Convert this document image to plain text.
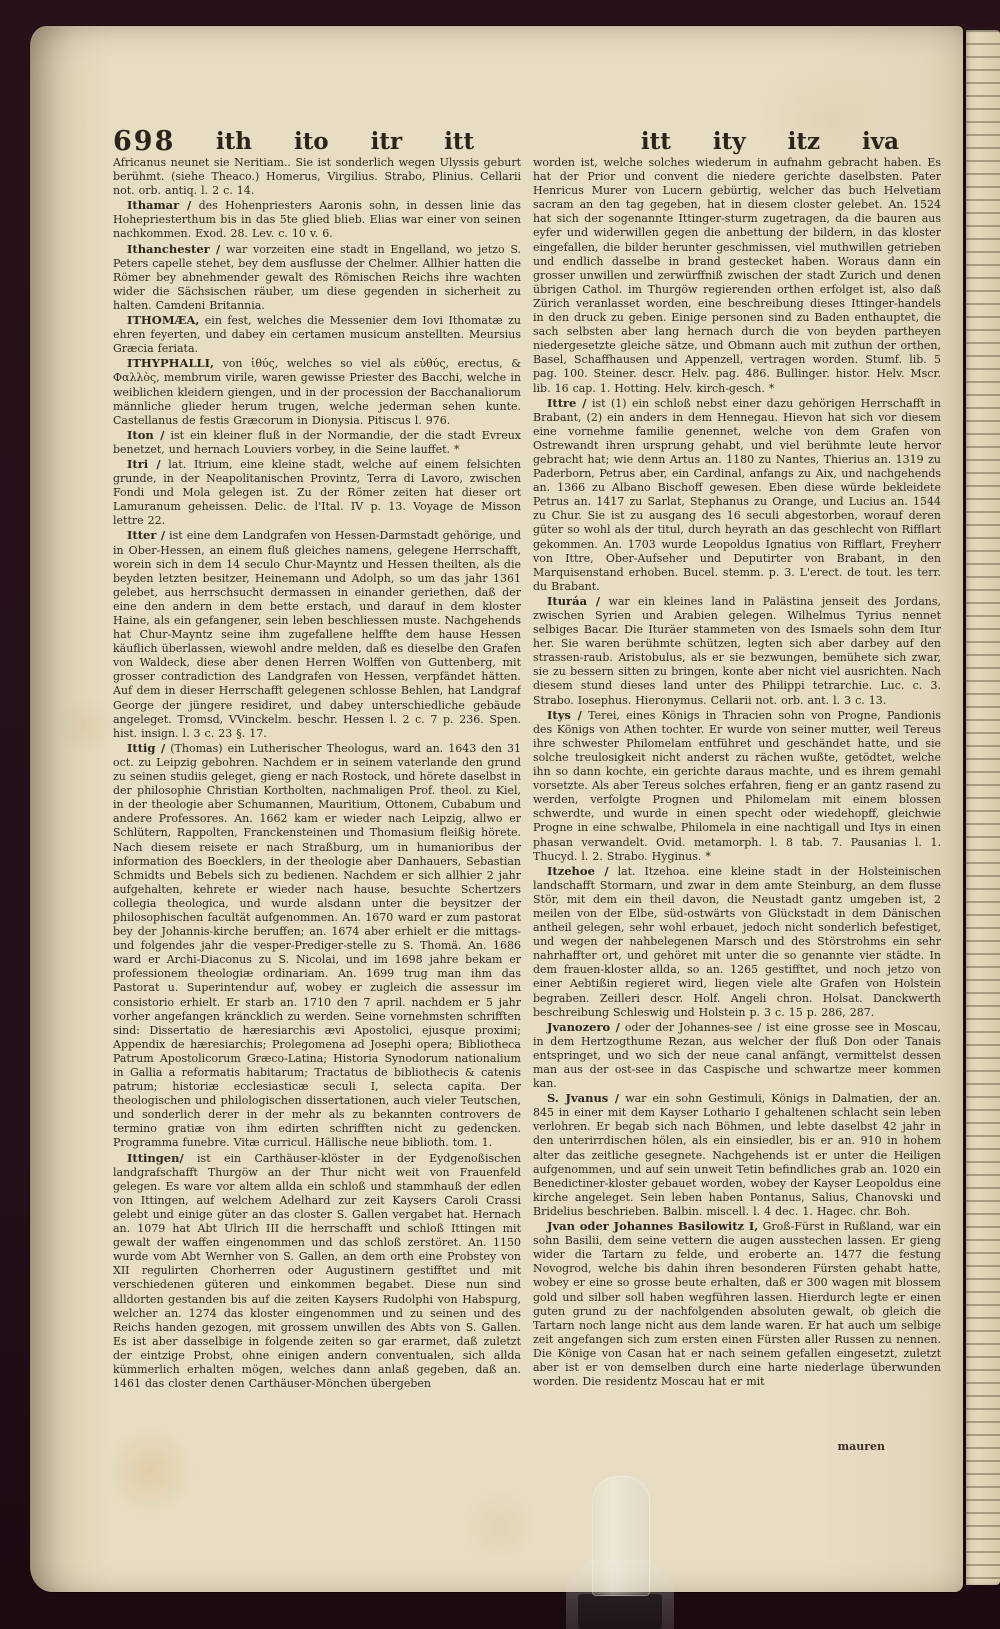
698	ith ito itr itt	itt ity itz iva

Africanus neunet sie Neritiam.. Sie ist sonderlich wegen Ulyssis geburt berühmt. (siehe Theaco.) Homerus, Virgilius. Strabo, Plinius. Cellarii not. orb. antiq. l. 2 c. 14.

Ithamar / des Hohenpriesters Aaronis sohn, in dessen linie das Hohepriesterthum bis in das 5te glied blieb. Elias war einer von seinen nachkommen. Exod. 28. Lev. c. 10 v. 6.

Ithanchester / war vorzeiten eine stadt in Engelland, wo jetzo S. Peters capelle stehet, bey dem ausflusse der Chelmer. Allhier hatten die Römer bey abnehmender gewalt des Römischen Reichs ihre wachten wider die Sächsischen räuber, um diese gegenden in sicherheit zu halten. Camdeni Britannia.

ITHOMÆA, ein fest, welches die Messenier dem Iovi Ithomatæ zu ehren feyerten, und dabey ein certamen musicum anstellten. Meursius Græcia feriata.

ITHYPHALLI, von ἰθύς, welches so viel als εὐθύς, erectus, & Φαλλὸς, membrum virile, waren gewisse Priester des Bacchi, welche in weiblichen kleidern giengen, und in der procession der Bacchanaliorum männliche glieder herum trugen, welche jederman sehen kunte. Castellanus de festis Græcorum in Dionysia. Pitiscus l. 976.

Iton / ist ein kleiner fluß in der Normandie, der die stadt Evreux benetzet, und hernach Louviers vorbey, in die Seine lauffet. *

Itri / lat. Itrium, eine kleine stadt, welche auf einem felsichten grunde, in der Neapolitanischen Provintz, Terra di Lavoro, zwischen Fondi und Mola gelegen ist. Zu der Römer zeiten hat dieser ort Lamuranum geheissen. Delic. de l'Ital. IV p. 13. Voyage de Misson lettre 22.

Itter / ist eine dem Landgrafen von Hessen-Darmstadt gehörige, und in Ober-Hessen, an einem fluß gleiches namens, gelegene Herrschafft, worein sich in dem 14 seculo Chur-Mayntz und Hessen theilten, als die beyden letzten besitzer, Heinemann und Adolph, so um das jahr 1361 gelebet, aus herrschsucht dermassen in einander geriethen, daß der eine den andern in dem bette erstach, und darauf in dem kloster Haine, als ein gefangener, sein leben beschliessen muste. Nachgehends hat Chur-Mayntz seine ihm zugefallene helffte dem hause Hessen käuflich überlassen, wiewohl andre melden, daß es dieselbe den Grafen von Waldeck, diese aber denen Herren Wolffen von Guttenberg, mit grosser contradiction des Landgrafen von Hessen, verpfändet hätten. Auf dem in dieser Herrschafft gelegenen schlosse Behlen, hat Landgraf George der jüngere residiret, und dabey unterschiedliche gebäude angeleget. Tromsd, VVinckelm. beschr. Hessen l. 2 c. 7 p. 236. Spen. hist. insign. l. 3 c. 23 §. 17.

Ittig / (Thomas) ein Lutherischer Theologus, ward an. 1643 den 31 oct. zu Leipzig gebohren. Nachdem er in seinem vaterlande den grund zu seinen studiis geleget, gieng er nach Rostock, und hörete daselbst in der philosophie Christian Kortholten, nachmaligen Prof. theol. zu Kiel, in der theologie aber Schumannen, Mauritium, Ottonem, Cubabum und andere Professores. An. 1662 kam er wieder nach Leipzig, allwo er Schlütern, Rappolten, Franckensteinen und Thomasium fleißig hörete. Nach diesem reisete er nach Straßburg, um in humanioribus der information des Boecklers, in der theologie aber Danhauers, Sebastian Schmidts und Bebels sich zu bedienen. Nachdem er sich allhier 2 jahr aufgehalten, kehrete er wieder nach hause, besuchte Schertzers collegia theologica, und wurde alsdann unter die beysitzer der philosophischen facultät aufgenommen. An. 1670 ward er zum pastorat bey der Johannis-kirche beruffen; an. 1674 aber erhielt er die mittags- und folgendes jahr die vesper-Prediger-stelle zu S. Thomä. An. 1686 ward er Archi-Diaconus zu S. Nicolai, und im 1698 jahre bekam er professionem theologiæ ordinariam. An. 1699 trug man ihm das Pastorat u. Superintendur auf, wobey er zugleich die assessur im consistorio erhielt. Er starb an. 1710 den 7 april. nachdem er 5 jahr vorher angefangen kräncklich zu werden. Seine vornehmsten schrifften sind: Dissertatio de hæresiarchis ævi Apostolici, ejusque proximi; Appendix de hæresiarchis; Prolegomena ad Josephi opera; Bibliotheca Patrum Apostolicorum Græco-Latina; Historia Synodorum nationalium in Gallia a reformatis habitarum; Tractatus de bibliothecis & catenis patrum; historiæ ecclesiasticæ seculi I, selecta capita. Der theologischen und philologischen dissertationen, auch vieler Teutschen, und sonderlich derer in der mehr als zu bekannten controvers de termino gratiæ von ihm edirten schrifften nicht zu gedencken. Programma funebre. Vitæ curricul. Hällische neue biblioth. tom. 1.

Ittingen/ ist ein Carthäuser-klöster in der Eydgenoßischen landgrafschafft Thurgöw an der Thur nicht weit von Frauenfeld gelegen. Es ware vor altem allda ein schloß und stammhauß der edlen von Ittingen, auf welchem Adelhard zur zeit Kaysers Caroli Crassi gelebt und einige güter an das closter S. Gallen vergabet hat. Hernach an. 1079 hat Abt Ulrich III die herrschafft und schloß Ittingen mit gewalt der waffen eingenommen und das schloß zerstöret. An. 1150 wurde vom Abt Wernher von S. Gallen, an dem orth eine Probstey von XII regulirten Chorherren oder Augustinern gestifftet und mit verschiedenen güteren und einkommen begabet. Diese nun sind alldorten gestanden bis auf die zeiten Kaysers Rudolphi von Habspurg, welcher an. 1274 das kloster eingenommen und zu seinen und des Reichs handen gezogen, mit grossem unwillen des Abts von S. Gallen. Es ist aber dasselbige in folgende zeiten so gar erarmet, daß zuletzt der eintzige Probst, ohne einigen andern conventualen, sich allda kümmerlich erhalten mögen, welches dann anlaß gegeben, daß an. 1461 das closter denen Carthäuser-Mönchen übergeben

worden ist, welche solches wiederum in aufnahm gebracht haben. Es hat der Prior und convent die niedere gerichte daselbsten. Pater Henricus Murer von Lucern gebürtig, welcher das buch Helvetiam sacram an den tag gegeben, hat in diesem closter gelebet. An. 1524 hat sich der sogenannte Ittinger-sturm zugetragen, da die bauren aus eyfer und widerwillen gegen die anbettung der bildern, in das kloster eingefallen, die bilder herunter geschmissen, viel muthwillen getrieben und endlich dasselbe in brand gestecket haben. Woraus dann ein grosser unwillen und zerwürffniß zwischen der stadt Zurich und denen übrigen Cathol. im Thurgöw regierenden orthen erfolget ist, also daß Zürich veranlasset worden, eine beschreibung dieses Ittinger-handels in den druck zu geben. Einige personen sind zu Baden enthauptet, die sach selbsten aber lang hernach durch die von beyden partheyen niedergesetzte gleiche sätze, und Obmann auch mit zuthun der orthen, Basel, Schaffhausen und Appenzell, vertragen worden. Stumf. lib. 5 pag. 100. Steiner. descr. Helv. pag. 486. Bullinger. histor. Helv. Mscr. lib. 16 cap. 1. Hotting. Helv. kirch-gesch. *

Ittre / ist (1) ein schloß nebst einer dazu gehörigen Herrschafft in Brabant, (2) ein anders in dem Hennegau. Hievon hat sich vor diesem eine vornehme familie genennet, welche von dem Grafen von Ostrewandt ihren ursprung gehabt, und viel berühmte leute hervor gebracht hat; wie denn Artus an. 1180 zu Nantes, Thierius an. 1319 zu Paderborn, Petrus aber, ein Cardinal, anfangs zu Aix, und nachgehends an. 1366 zu Albano Bischoff gewesen. Eben diese würde bekleidete Petrus an. 1417 zu Sarlat, Stephanus zu Orange, und Lucius an. 1544 zu Chur. Sie ist zu ausgang des 16 seculi abgestorben, worauf deren güter so wohl als der titul, durch heyrath an das geschlecht von Rifflart gekommen. An. 1703 wurde Leopoldus Ignatius von Rifflart, Freyherr von Ittre, Ober-Aufseher und Deputirter von Brabant, in den Marquisenstand erhoben. Bucel. stemm. p. 3. L'erect. de tout. les terr. du Brabant.

Ituráa / war ein kleines land in Palästina jenseit des Jordans, zwischen Syrien und Arabien gelegen. Wilhelmus Tyrius nennet selbiges Bacar. Die Ituräer stammeten von des Ismaels sohn dem Itur her. Sie waren berühmte schützen, legten sich aber darbey auf den strassen-raub. Aristobulus, als er sie bezwungen, bemühete sich zwar, sie zu bessern sitten zu bringen, konte aber nicht viel ausrichten. Nach diesem stund dieses land unter des Philippi tetrarchie. Luc. c. 3. Strabo. Iosephus. Hieronymus. Cellarii not. orb. ant. l. 3 c. 13.

Itys / Terei, eines Königs in Thracien sohn von Progne, Pandionis des Königs von Athen tochter. Er wurde von seiner mutter, weil Tereus ihre schwester Philomelam entführet und geschändet hatte, und sie solche treulosigkeit nicht anderst zu rächen wußte, getödtet, welche ihn so dann kochte, ein gerichte daraus machte, und es ihrem gemahl vorsetzte. Als aber Tereus solches erfahren, fieng er an gantz rasend zu werden, verfolgte Prognen und Philomelam mit einem blossen schwerdte, und wurde in einen specht oder wiedehopff, gleichwie Progne in eine schwalbe, Philomela in eine nachtigall und Itys in einen phasan verwandelt. Ovid. metamorph. l. 8 tab. 7. Pausanias l. 1. Thucyd. l. 2. Strabo. Hyginus. *

Itzehoe / lat. Itzehoa. eine kleine stadt in der Holsteinischen landschafft Stormarn, und zwar in dem amte Steinburg, an dem flusse Stör, mit dem ein theil davon, die Neustadt gantz umgeben ist, 2 meilen von der Elbe, süd-ostwärts von Glückstadt in dem Dänischen antheil gelegen, sehr wohl erbauet, jedoch nicht sonderlich befestiget, und wegen der nahbelegenen Marsch und des Störstrohms ein sehr nahrhaffter ort, und gehöret mit unter die so genannte vier städte. In dem frauen-kloster allda, so an. 1265 gestifftet, und noch jetzo von einer Aebtißin regieret wird, liegen viele alte Grafen von Holstein begraben. Zeilleri descr. Holf. Angeli chron. Holsat. Danckwerth beschreibung Schleswig und Holstein p. 3 c. 15 p. 286, 287.

Jvanozero / oder der Johannes-see / ist eine grosse see in Moscau, in dem Hertzogthume Rezan, aus welcher der fluß Don oder Tanais entspringet, und wo sich der neue canal anfängt, vermittelst dessen man aus der ost-see in das Caspische und schwartze meer kommen kan.

S. Jvanus / war ein sohn Gestimuli, Königs in Dalmatien, der an. 845 in einer mit dem Kayser Lothario I gehaltenen schlacht sein leben verlohren. Er begab sich nach Böhmen, und lebte daselbst 42 jahr in den unterirrdischen hölen, als ein einsiedler, bis er an. 910 in hohem alter das zeitliche gesegnete. Nachgehends ist er unter die Heiligen aufgenommen, und auf sein unweit Tetin befindliches grab an. 1020 ein Benedictiner-kloster gebauet worden, wobey der Kayser Leopoldus eine kirche angeleget. Sein leben haben Pontanus, Salius, Chanovski und Bridelius beschrieben. Balbin. miscell. l. 4 dec. 1. Hagec. chr. Boh.

Jvan oder Johannes Basilowitz I, Groß-Fürst in Rußland, war ein sohn Basilii, dem seine vettern die augen ausstechen lassen. Er gieng wider die Tartarn zu felde, und eroberte an. 1477 die festung Novogrod, welche bis dahin ihren besonderen Fürsten gehabt hatte, wobey er eine so grosse beute erhalten, daß er 300 wagen mit blossem gold und silber soll haben wegführen lassen. Hierdurch legte er einen guten grund zu der nachfolgenden absoluten gewalt, ob gleich die Tartarn noch lange nicht aus dem lande waren. Er hat auch um selbige zeit angefangen sich zum ersten einen Fürsten aller Russen zu nennen. Die Könige von Casan hat er nach seinem gefallen eingesetzt, zuletzt aber ist er von demselben durch eine harte niederlage überwunden worden. Die residentz Moscau hat er mit

mauren
